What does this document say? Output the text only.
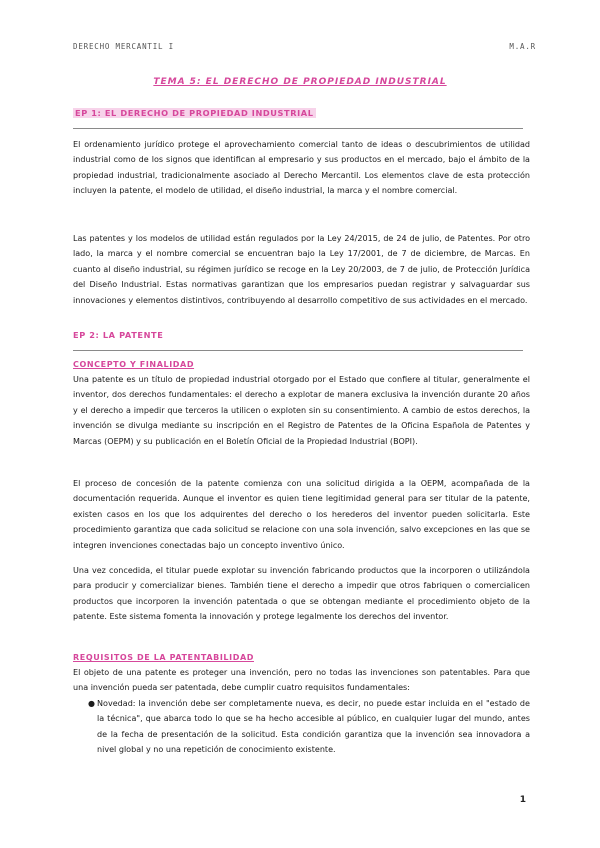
DERECHO MERCANTIL I	M.A.R
TEMA 5: EL DERECHO DE PROPIEDAD INDUSTRIAL
EP 1: EL DERECHO DE PROPIEDAD INDUSTRIAL
El ordenamiento jurídico protege el aprovechamiento comercial tanto de ideas o descubrimientos de utilidad industrial como de los signos que identifican al empresario y sus productos en el mercado, bajo el ámbito de la propiedad industrial, tradicionalmente asociado al Derecho Mercantil. Los elementos clave de esta protección incluyen la patente, el modelo de utilidad, el diseño industrial, la marca y el nombre comercial.
Las patentes y los modelos de utilidad están regulados por la Ley 24/2015, de 24 de julio, de Patentes. Por otro lado, la marca y el nombre comercial se encuentran bajo la Ley 17/2001, de 7 de diciembre, de Marcas. En cuanto al diseño industrial, su régimen jurídico se recoge en la Ley 20/2003, de 7 de julio, de Protección Jurídica del Diseño Industrial. Estas normativas garantizan que los empresarios puedan registrar y salvaguardar sus innovaciones y elementos distintivos, contribuyendo al desarrollo competitivo de sus actividades en el mercado.
EP 2: LA PATENTE
CONCEPTO Y FINALIDAD
Una patente es un título de propiedad industrial otorgado por el Estado que confiere al titular, generalmente el inventor, dos derechos fundamentales: el derecho a explotar de manera exclusiva la invención durante 20 años y el derecho a impedir que terceros la utilicen o exploten sin su consentimiento. A cambio de estos derechos, la invención se divulga mediante su inscripción en el Registro de Patentes de la Oficina Española de Patentes y Marcas (OEPM) y su publicación en el Boletín Oficial de la Propiedad Industrial (BOPI).
El proceso de concesión de la patente comienza con una solicitud dirigida a la OEPM, acompañada de la documentación requerida. Aunque el inventor es quien tiene legitimidad general para ser titular de la patente, existen casos en los que los adquirentes del derecho o los herederos del inventor pueden solicitarla. Este procedimiento garantiza que cada solicitud se relacione con una sola invención, salvo excepciones en las que se integren invenciones conectadas bajo un concepto inventivo único.
Una vez concedida, el titular puede explotar su invención fabricando productos que la incorporen o utilizándola para producir y comercializar bienes. También tiene el derecho a impedir que otros fabriquen o comercialicen productos que incorporen la invención patentada o que se obtengan mediante el procedimiento objeto de la patente. Este sistema fomenta la innovación y protege legalmente los derechos del inventor.
REQUISITOS DE LA PATENTABILIDAD
El objeto de una patente es proteger una invención, pero no todas las invenciones son patentables. Para que una invención pueda ser patentada, debe cumplir cuatro requisitos fundamentales:
● Novedad: la invención debe ser completamente nueva, es decir, no puede estar incluida en el "estado de la técnica", que abarca todo lo que se ha hecho accesible al público, en cualquier lugar del mundo, antes de la fecha de presentación de la solicitud. Esta condición garantiza que la invención sea innovadora a nivel global y no una repetición de conocimiento existente.
1
